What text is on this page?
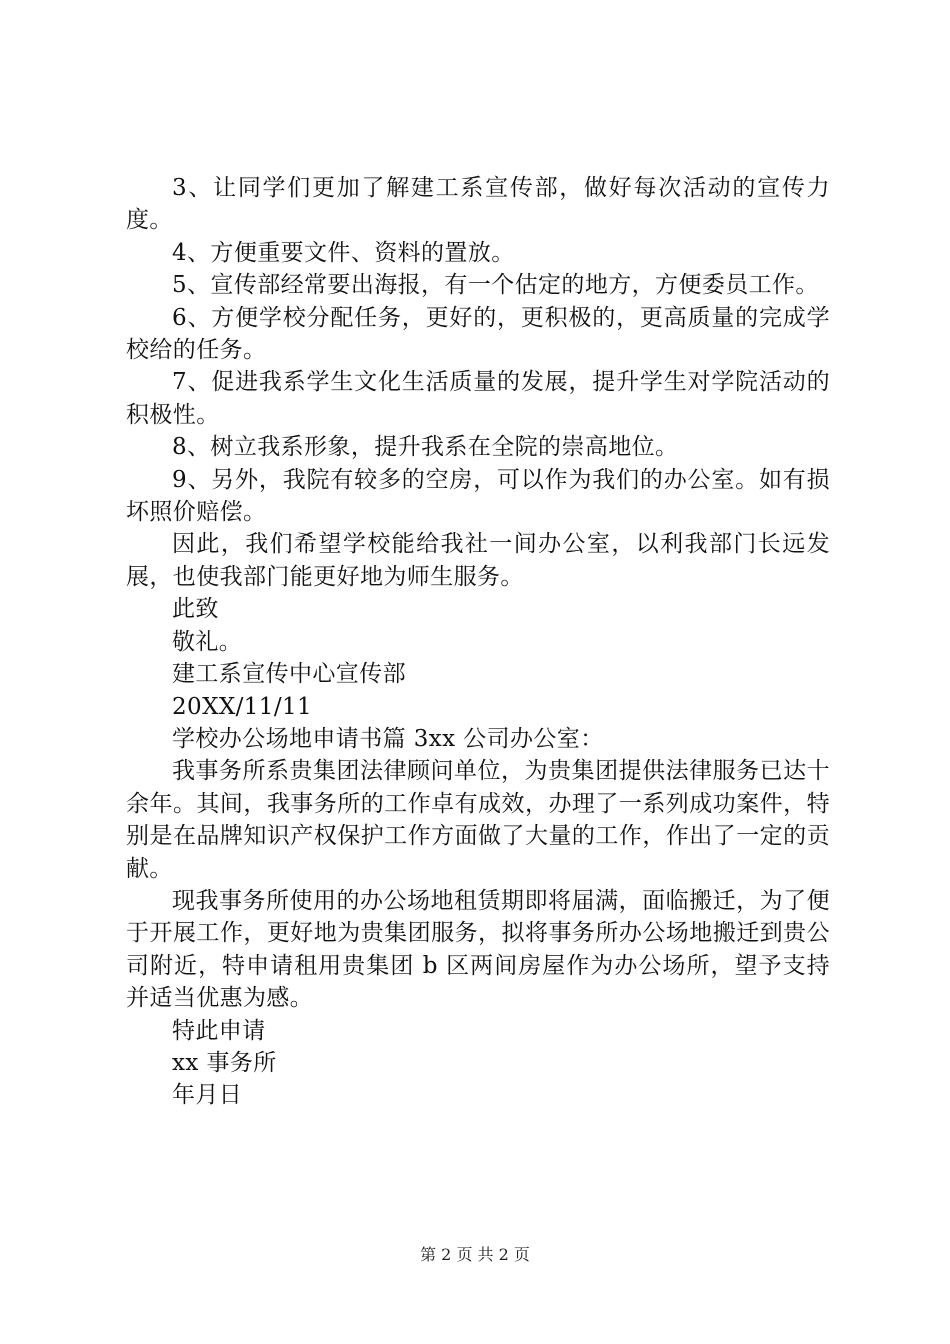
3、让同学们更加了解建工系宣传部，做好每次活动的宣传力度。

4、方便重要文件、资料的置放。

5、宣传部经常要出海报，有一个估定的地方，方便委员工作。

6、方便学校分配任务，更好的，更积极的，更高质量的完成学校给的任务。

7、促进我系学生文化生活质量的发展，提升学生对学院活动的积极性。

8、树立我系形象，提升我系在全院的崇高地位。

9、另外，我院有较多的空房，可以作为我们的办公室。如有损坏照价赔偿。

因此，我们希望学校能给我社一间办公室，以利我部门长远发展，也使我部门能更好地为师生服务。

此致

敬礼。

建工系宣传中心宣传部

20XX/11/11

学校办公场地申请书篇 3xx 公司办公室：

我事务所系贵集团法律顾问单位，为贵集团提供法律服务已达十余年。其间，我事务所的工作卓有成效，办理了一系列成功案件，特别是在品牌知识产权保护工作方面做了大量的工作，作出了一定的贡献。

现我事务所使用的办公场地租赁期即将届满，面临搬迁，为了便于开展工作，更好地为贵集团服务，拟将事务所办公场地搬迁到贵公司附近，特申请租用贵集团 b 区两间房屋作为办公场所，望予支持并适当优惠为感。

特此申请

xx 事务所

年月日

第 2 页 共 2 页
